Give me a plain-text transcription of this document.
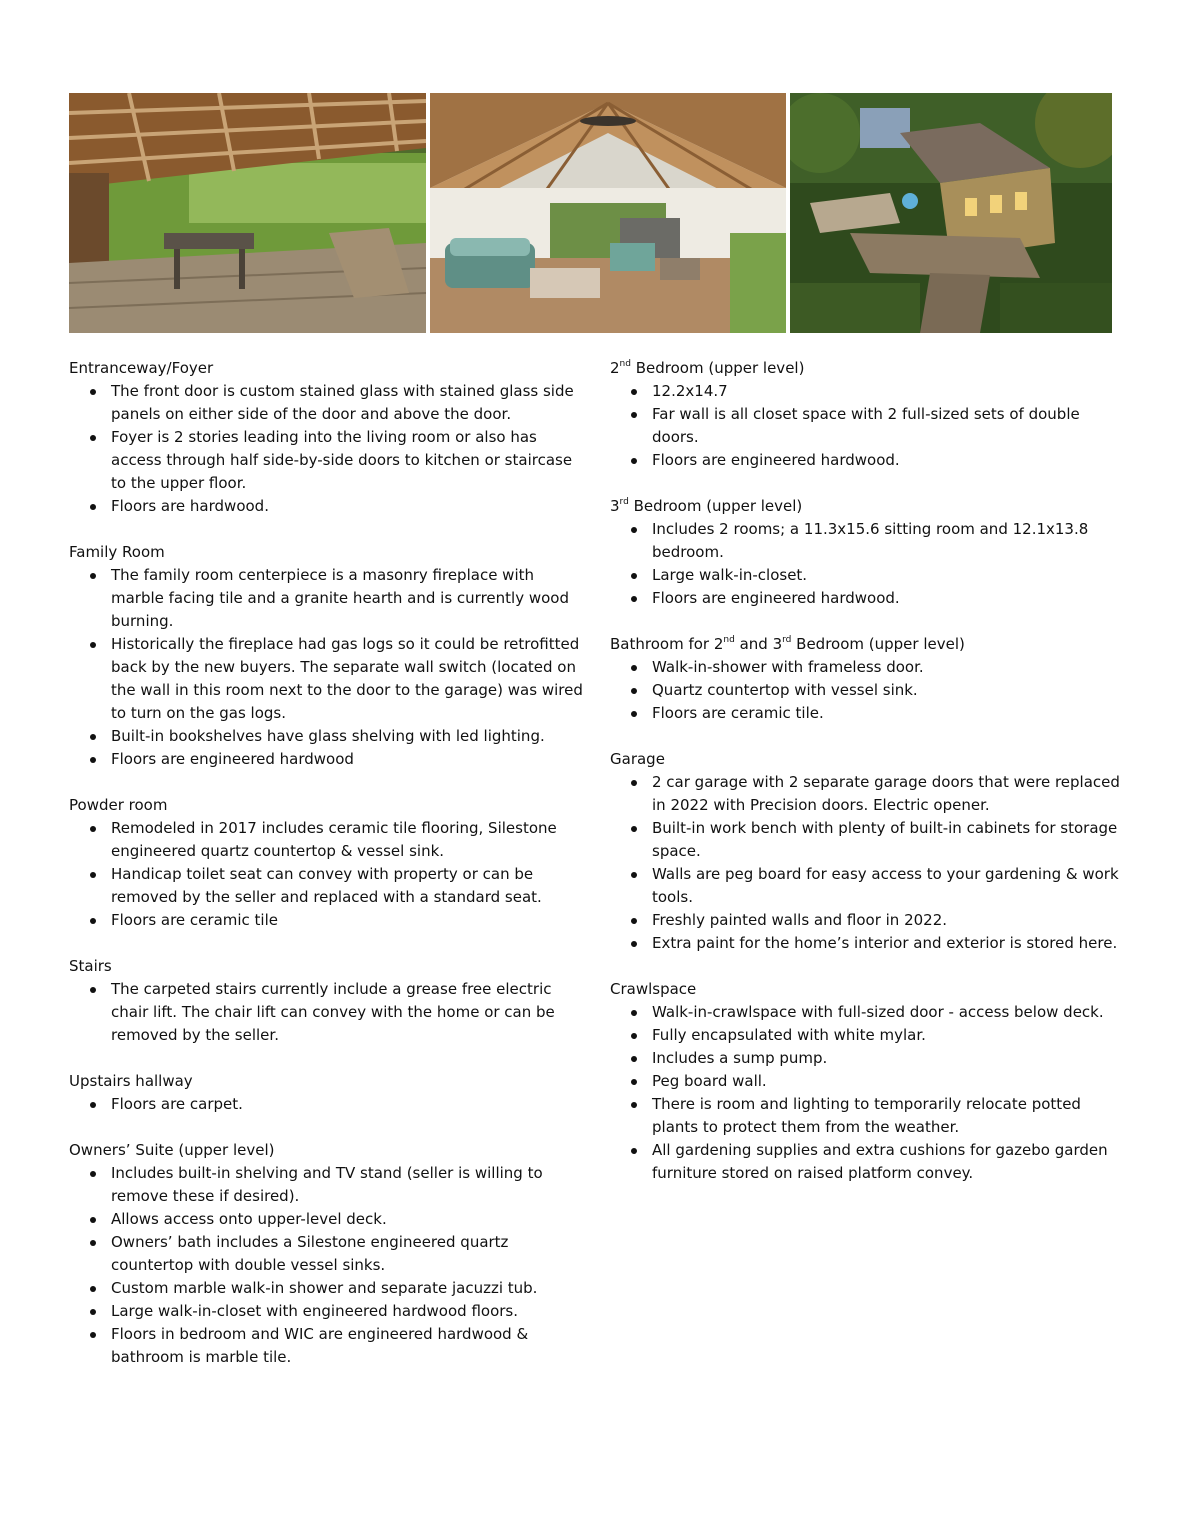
Entranceway/Foyer

The front door is custom stained glass with stained glass side panels on either side of the door and above the door.
Foyer is 2 stories leading into the living room or also has access through half side-by-side doors to kitchen or staircase to the upper floor.
Floors are hardwood.

Family Room

The family room centerpiece is a masonry fireplace with marble facing tile and a granite hearth and is currently wood burning.
Historically the fireplace had gas logs so it could be retrofitted back by the new buyers. The separate wall switch (located on the wall in this room next to the door to the garage) was wired to turn on the gas logs.
Built-in bookshelves have glass shelving with led lighting.
Floors are engineered hardwood

Powder room

Remodeled in 2017 includes ceramic tile flooring, Silestone engineered quartz countertop & vessel sink.
Handicap toilet seat can convey with property or can be removed by the seller and replaced with a standard seat.
Floors are ceramic tile

Stairs

The carpeted stairs currently include a grease free electric chair lift. The chair lift can convey with the home or can be removed by the seller.

Upstairs hallway

Floors are carpet.

Owners’ Suite (upper level)

Includes built-in shelving and TV stand (seller is willing to remove these if desired).
Allows access onto upper-level deck.
Owners’ bath includes a Silestone engineered quartz countertop with double vessel sinks.
Custom marble walk-in shower and separate jacuzzi tub.
Large walk-in-closet with engineered hardwood floors.
Floors in bedroom and WIC are engineered hardwood & bathroom is marble tile.

2nd Bedroom (upper level)

12.2x14.7
Far wall is all closet space with 2 full-sized sets of double doors.
Floors are engineered hardwood.

3rd Bedroom (upper level)

Includes 2 rooms; a 11.3x15.6 sitting room and 12.1x13.8 bedroom.
Large walk-in-closet.
Floors are engineered hardwood.

Bathroom for 2nd and 3rd Bedroom (upper level)

Walk-in-shower with frameless door.
Quartz countertop with vessel sink.
Floors are ceramic tile.

Garage

2 car garage with 2 separate garage doors that were replaced in 2022 with Precision doors. Electric opener.
Built-in work bench with plenty of built-in cabinets for storage space.
Walls are peg board for easy access to your gardening & work tools.
Freshly painted walls and floor in 2022.
Extra paint for the home’s interior and exterior is stored here.

Crawlspace

Walk-in-crawlspace with full-sized door - access below deck.
Fully encapsulated with white mylar.
Includes a sump pump.
Peg board wall.
There is room and lighting to temporarily relocate potted plants to protect them from the weather.
All gardening supplies and extra cushions for gazebo garden furniture stored on raised platform convey.
